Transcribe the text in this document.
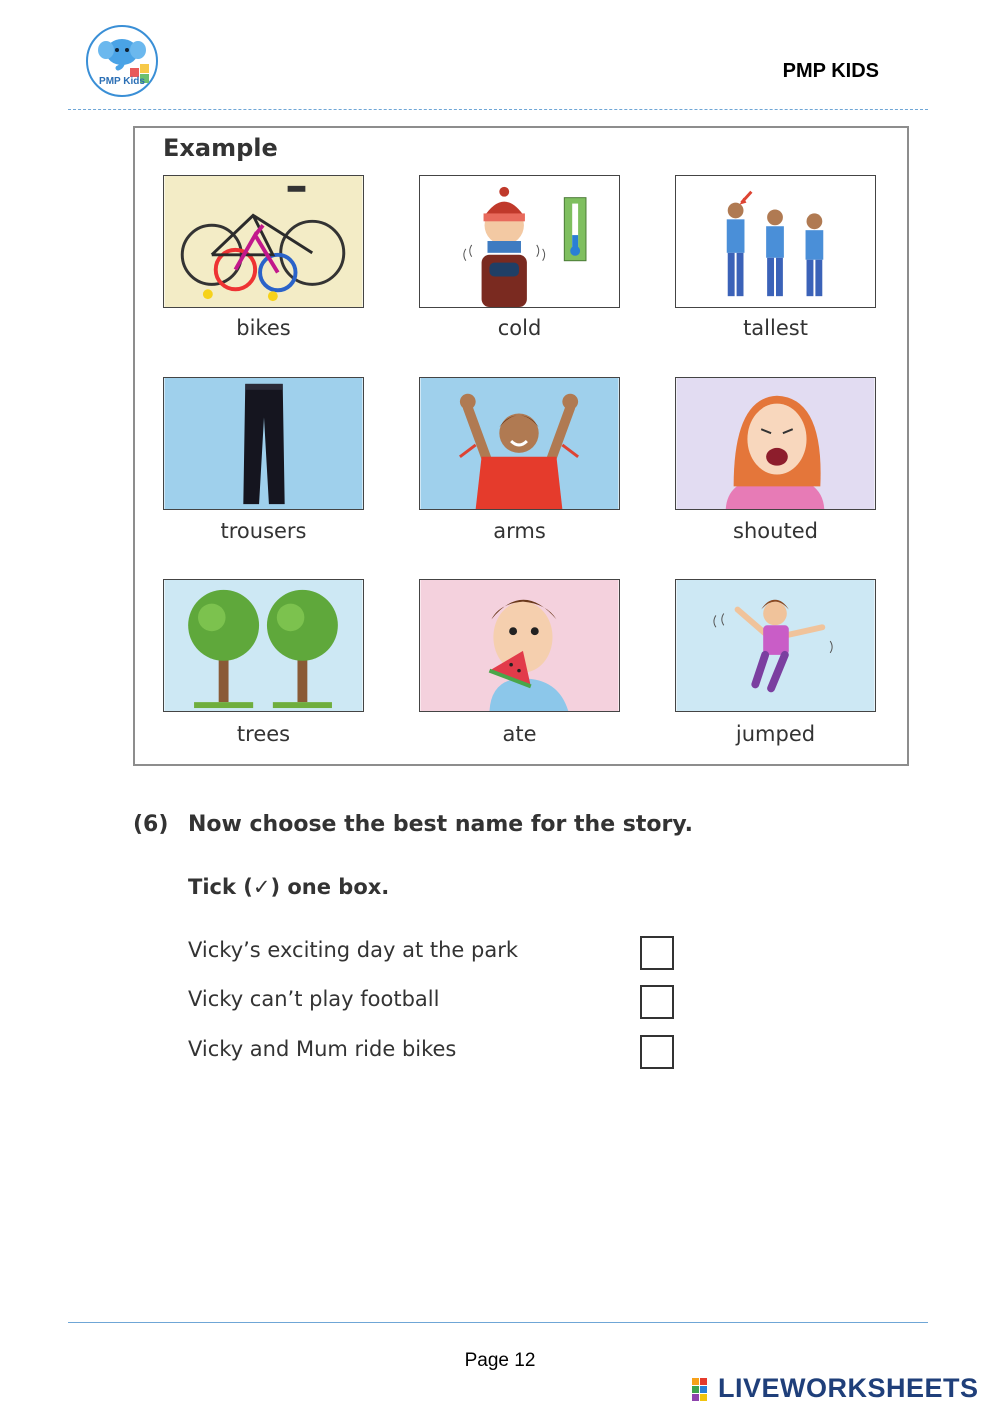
PMP Kids	PMP KIDS
Example
bikes	cold	tallest
trousers	arms	shouted
trees	ate	jumped
(6) Now choose the best name for the story.
Tick (✓) one box.
Vicky’s exciting day at the park
Vicky can’t play football
Vicky and Mum ride bikes
Page 12
LIVEWORKSHEETS
